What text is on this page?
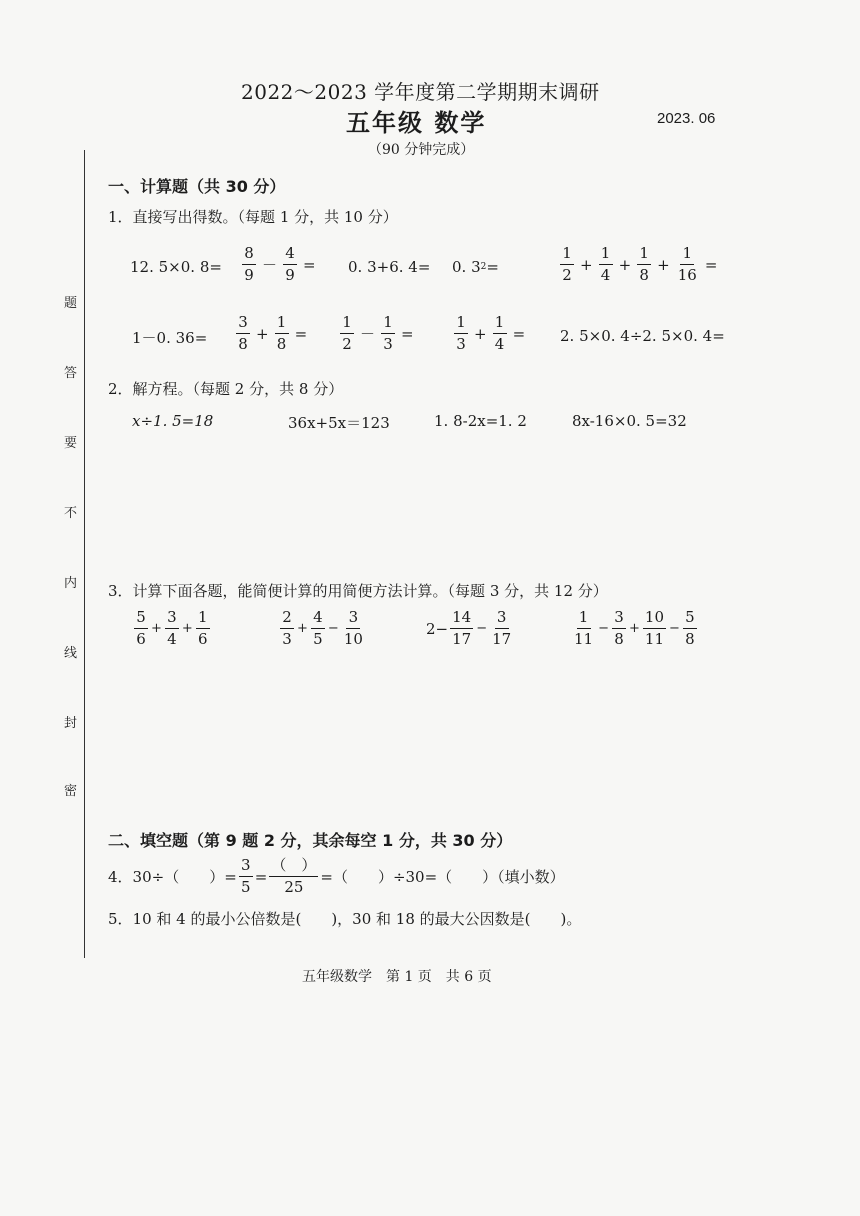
2022～2023 学年度第二学期期末调研
五年级 数学	2023. 06
（90 分钟完成）
题
答
要
不
内
线
封
密
一、计算题（共 30 分）
1．直接写出得数。（每题 1 分，共 10 分）
12. 5×0. $8= \frac{8}{9} - \frac{4}{9} = 0$. 3+6. 4= 0. 3 2 =	$\frac{1}{2} + \frac{1}{4} + \frac{1}{8} + \frac{1}{16}$ =
1－0. $36= \frac{3}{8} + \frac{1}{8} = \frac{1}{2} - \frac{1}{3}$ =	$\frac{1}{3} + \frac{1}{4} = 2$. 5×0. 4÷2. 5×0. 4=
2．解方程。（每题 2 分，共 8 分）
x÷1. 5=18	36x+5x＝123	1. 8-2x=1. 2	8x-16×0. 5=32
3．计算下面各题，能简便计算的用简便方法计算。（每题 3 分，共 12 分）
$\frac{5}{6} + \frac{3}{4} + \frac{1}{6}$	$\frac{2}{3} + \frac{4}{5} - \frac{3}{10}$	$2- \frac{14}{17} - \frac{3}{17}$	$\frac{1}{11} - \frac{3}{8} + \frac{10}{11} - \frac{5}{8}$
二、填空题（第 9 题 2 分，其余每空 1 分，共 30 分）
4．30÷（　　）= $\frac{3}{5} = \frac{( )}{25}$ =（　　）÷30=（　　）（填小数）
5．10 和 4 的最小公倍数是(　　)，30 和 18 的最大公因数是(　　)。
五年级数学　第 1 页　共 6 页
